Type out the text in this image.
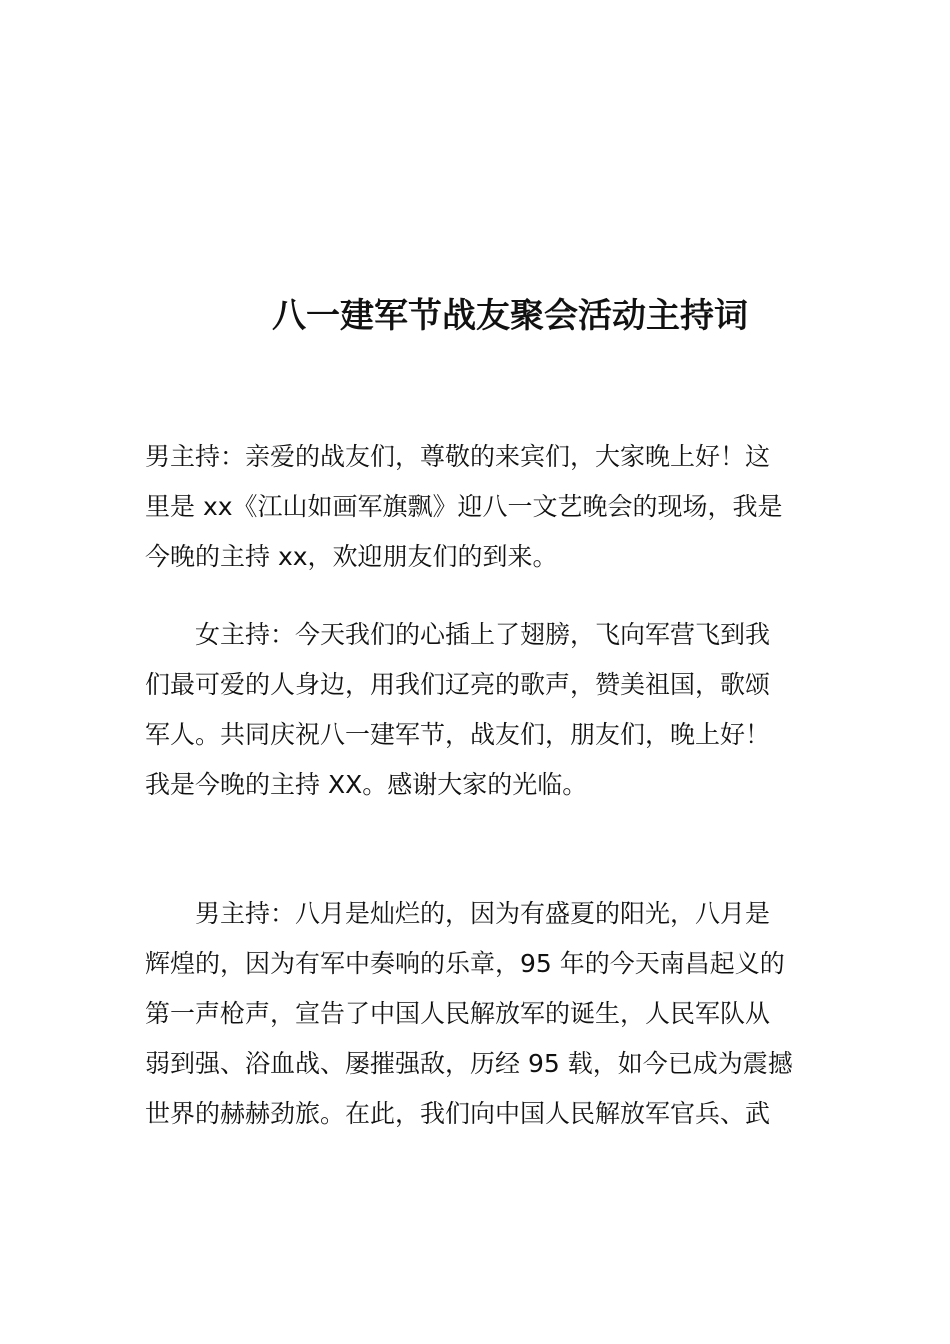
八一建军节战友聚会活动主持词
男主持：亲爱的战友们，尊敬的来宾们，大家晚上好！这
里是 xx《江山如画军旗飘》迎八一文艺晚会的现场，我是
今晚的主持 xx，欢迎朋友们的到来。
女主持：今天我们的心插上了翅膀，飞向军营飞到我
们最可爱的人身边，用我们辽亮的歌声，赞美祖国，歌颂
军人。共同庆祝八一建军节，战友们，朋友们，晚上好！
我是今晚的主持 XX。感谢大家的光临。
男主持：八月是灿烂的，因为有盛夏的阳光，八月是
辉煌的，因为有军中奏响的乐章，95 年的今天南昌起义的
第一声枪声，宣告了中国人民解放军的诞生，人民军队从
弱到强、浴血战、屡摧强敌，历经 95 载，如今已成为震撼
世界的赫赫劲旅。在此，我们向中国人民解放军官兵、武
